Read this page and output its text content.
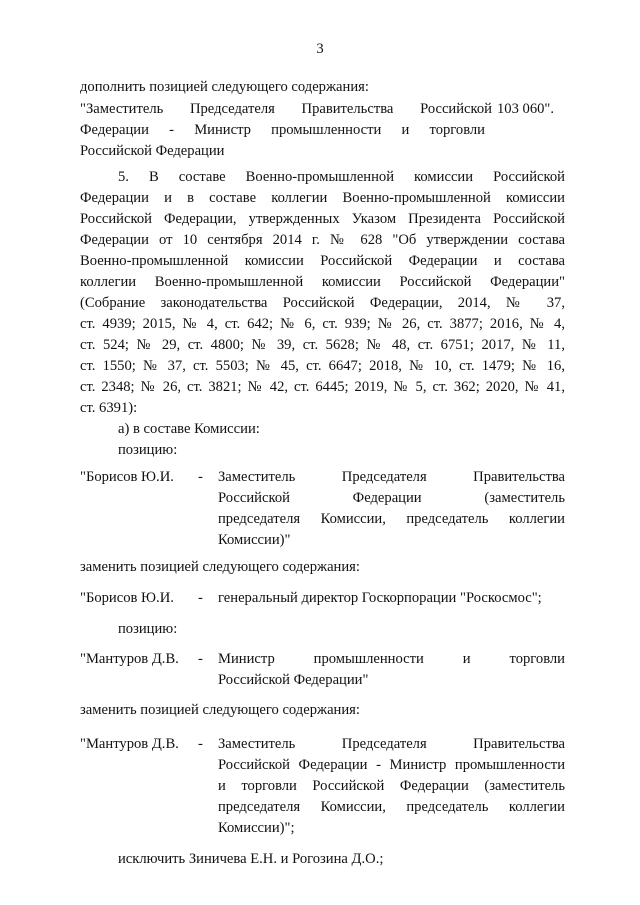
3
дополнить позицией следующего содержания:
"Заместитель Председателя Правительства Российской 103 060".
Федерации - Министр промышленности и торговли
Российской Федерации
5. В составе Военно-промышленной комиссии Российской
Федерации и в составе коллегии Военно-промышленной комиссии
Российской Федерации, утвержденных Указом Президента Российской
Федерации от 10 сентября 2014 г. № 628 "Об утверждении состава
Военно-промышленной комиссии Российской Федерации и состава
коллегии Военно-промышленной комиссии Российской Федерации"
(Собрание законодательства Российской Федерации, 2014, № 37,
ст. 4939; 2015, № 4, ст. 642; № 6, ст. 939; № 26, ст. 3877; 2016, № 4,
ст. 524; № 29, ст. 4800; № 39, ст. 5628; № 48, ст. 6751; 2017, № 11,
ст. 1550; № 37, ст. 5503; № 45, ст. 6647; 2018, № 10, ст. 1479; № 16,
ст. 2348; № 26, ст. 3821; № 42, ст. 6445; 2019, № 5, ст. 362; 2020, № 41,
ст. 6391):
а) в составе Комиссии:
позицию:
"Борисов Ю.И. - Заместитель Председателя Правительства
Российской Федерации (заместитель
председателя Комиссии, председатель коллегии
Комиссии)"
заменить позицией следующего содержания:
"Борисов Ю.И. - генеральный директор Госкорпорации "Роскосмос";
позицию:
"Мантуров Д.В. - Министр промышленности и торговли
Российской Федерации"
заменить позицией следующего содержания:
"Мантуров Д.В. - Заместитель Председателя Правительства
Российской Федерации - Министр промышленности
и торговли Российской Федерации (заместитель
председателя Комиссии, председатель коллегии
Комиссии)";
исключить Зиничева Е.Н. и Рогозина Д.О.;
